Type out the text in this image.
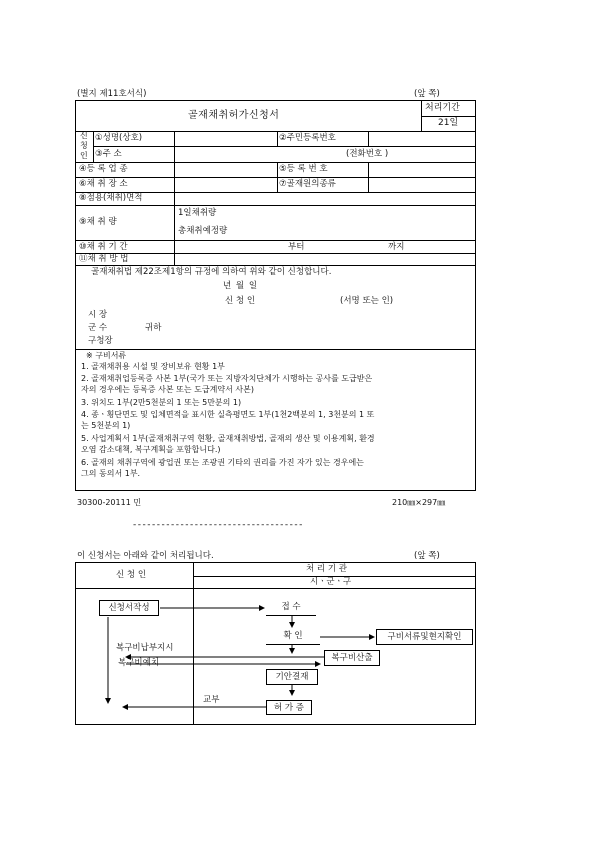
(별지 제11호서식)	(앞 쪽)
골재채취허가신청서
처리기간
21일
신
청
인
①성명(상호)	②주민등록번호
③주 소	(전화번호 )
④등 록 업 종	⑤등 록 번 호
⑥채 취 장 소	⑦골재원의종류
⑧점용(채취)면적
⑨채 취 량
1일채취량
총채취예정량
⑩채 취 기 간	부터	까지
⑪채 취 방 법
골재채취법 제22조제1항의 규정에 의하여 위와 같이 신청합니다.
년 월 일
신 청 인	(서명 또는 인)
시 장
군 수	귀하
구청장
※ 구비서류
1. 골재채취용 시설 및 장비보유 현황 1부
2. 골재채취업등록증 사본 1부(국가 또는 지방자치단체가 시행하는 공사를 도급받은
자의 경우에는 등록증 사본 또는 도급계약서 사본)
3. 위치도 1부(2만5천분의 1 또는 5만분의 1)
4. 종ㆍ횡단면도 및 입체면적을 표시한 실측평면도 1부(1천2백분의 1, 3천분의 1 또
는 5천분의 1)
5. 사업계획서 1부(골재채취구역 현황, 골재채취방법, 골재의 생산 및 이용계획, 환경
오염 감소대책, 복구계획을 포함합니다.)
6. 골재의 채취구역에 광업권 또는 조광권 기타의 권리를 가진 자가 있는 경우에는
그의 동의서 1부.
30300-20111 민	210㎜×297㎜
------------------------------------
이 신청서는 아래와 같이 처리됩니다.	(앞 쪽)
신 청 인
처 리 기 관
시ㆍ군ㆍ구
신청서작성	접 수
확 인	구비서류및현지확인
복구비납부지시
복구비산출
복구비예치
기안결재
교부
허 가 증
